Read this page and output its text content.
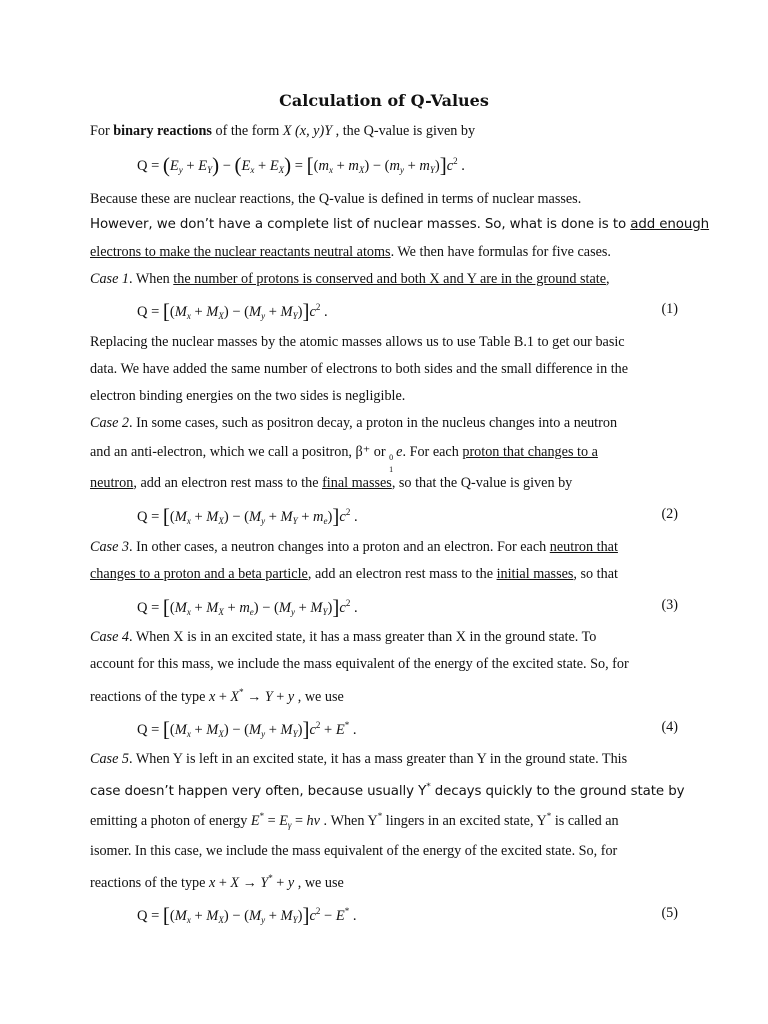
Calculation of Q-Values
For binary reactions of the form X (x, y)Y , the Q-value is given by
$Q = (E_y + E_Y) - (E_x + E_X) = [(m_x + m_X) - (m_y + m_Y)]c^2$ .
Because these are nuclear reactions, the Q-value is defined in terms of nuclear masses.
However, we don’t have a complete list of nuclear masses. So, what is done is to add enough
electrons to make the nuclear reactants neutral atoms. We then have formulas for five cases.
Case 1. When the number of protons is conserved and both X and Y are in the ground state,
$Q = [(M_x + M_X) - (M_y + M_Y)]c^2$ .	(1)
Replacing the nuclear masses by the atomic masses allows us to use Table B.1 to get our basic
data. We have added the same number of electrons to both sides and the small difference in the
electron binding energies on the two sides is negligible.
Case 2. In some cases, such as positron decay, a proton in the nucleus changes into a neutron
and an anti-electron, which we call a positron, β⁺ or 0
1
e. For each proton that changes to a
neutron, add an electron rest mass to the final masses, so that the Q-value is given by
$Q = [(M_x + M_X) - (M_y + M_Y + m_e)]c^2$ .	(2)
Case 3. In other cases, a neutron changes into a proton and an electron. For each neutron that
changes to a proton and a beta particle, add an electron rest mass to the initial masses, so that
$Q = [(M_x + M_X + m_e) - (M_y + M_Y)]c^2$ .	(3)
Case 4. When X is in an excited state, it has a mass greater than X in the ground state. To
account for this mass, we include the mass equivalent of the energy of the excited state. So, for
reactions of the type x + X* → Y + y , we use
$Q = [(M_x + M_X) - (M_y + M_Y)]c^2 + E^*$ .	(4)
Case 5. When Y is left in an excited state, it has a mass greater than Y in the ground state. This
case doesn’t happen very often, because usually Y* decays quickly to the ground state by
emitting a photon of energy $E^* = E_\gamma = h\nu$ . When Y* lingers in an excited state, Y* is called an
isomer. In this case, we include the mass equivalent of the energy of the excited state. So, for
reactions of the type x + X → Y* + y , we use
$Q = [(M_x + M_X) - (M_y + M_Y)]c^2 - E^*$ .	(5)
